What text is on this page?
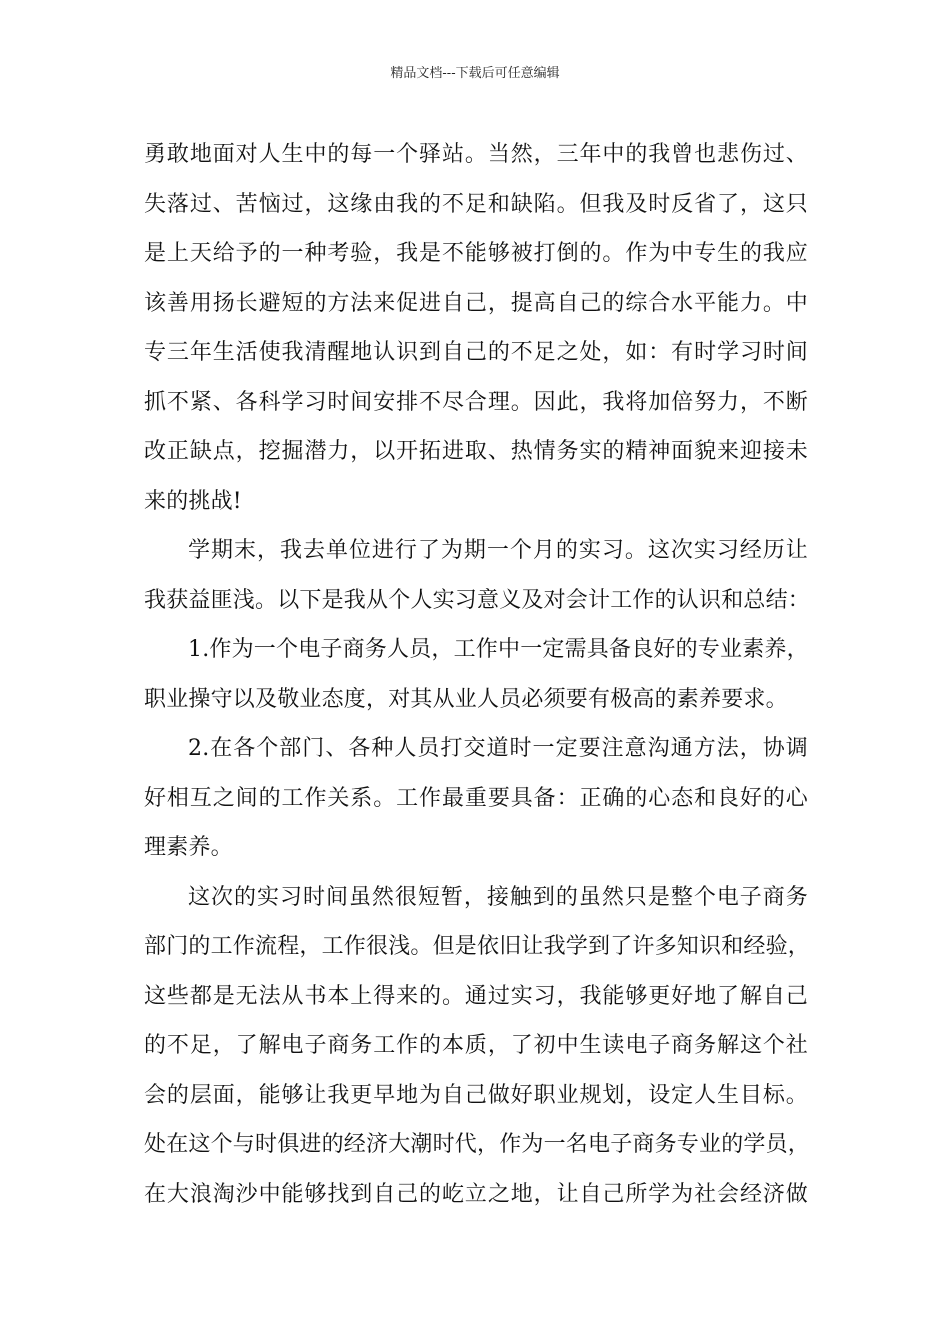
精品文档---下载后可任意编辑
勇敢地面对人生中的每一个驿站。当然，三年中的我曾也悲伤过、
失落过、苦恼过，这缘由我的不足和缺陷。但我及时反省了，这只
是上天给予的一种考验，我是不能够被打倒的。作为中专生的我应
该善用扬长避短的方法来促进自己，提高自己的综合水平能力。中
专三年生活使我清醒地认识到自己的不足之处，如：有时学习时间
抓不紧、各科学习时间安排不尽合理。因此，我将加倍努力，不断
改正缺点，挖掘潜力，以开拓进取、热情务实的精神面貌来迎接未
来的挑战!
学期末，我去单位进行了为期一个月的实习。这次实习经历让
我获益匪浅。以下是我从个人实习意义及对会计工作的认识和总结：
1.作为一个电子商务人员，工作中一定需具备良好的专业素养，
职业操守以及敬业态度，对其从业人员必须要有极高的素养要求。
2.在各个部门、各种人员打交道时一定要注意沟通方法，协调
好相互之间的工作关系。工作最重要具备：正确的心态和良好的心
理素养。
这次的实习时间虽然很短暂，接触到的虽然只是整个电子商务
部门的工作流程，工作很浅。但是依旧让我学到了许多知识和经验，
这些都是无法从书本上得来的。通过实习，我能够更好地了解自己
的不足，了解电子商务工作的本质，了初中生读电子商务解这个社
会的层面，能够让我更早地为自己做好职业规划，设定人生目标。
处在这个与时俱进的经济大潮时代，作为一名电子商务专业的学员，
在大浪淘沙中能够找到自己的屹立之地，让自己所学为社会经济做
